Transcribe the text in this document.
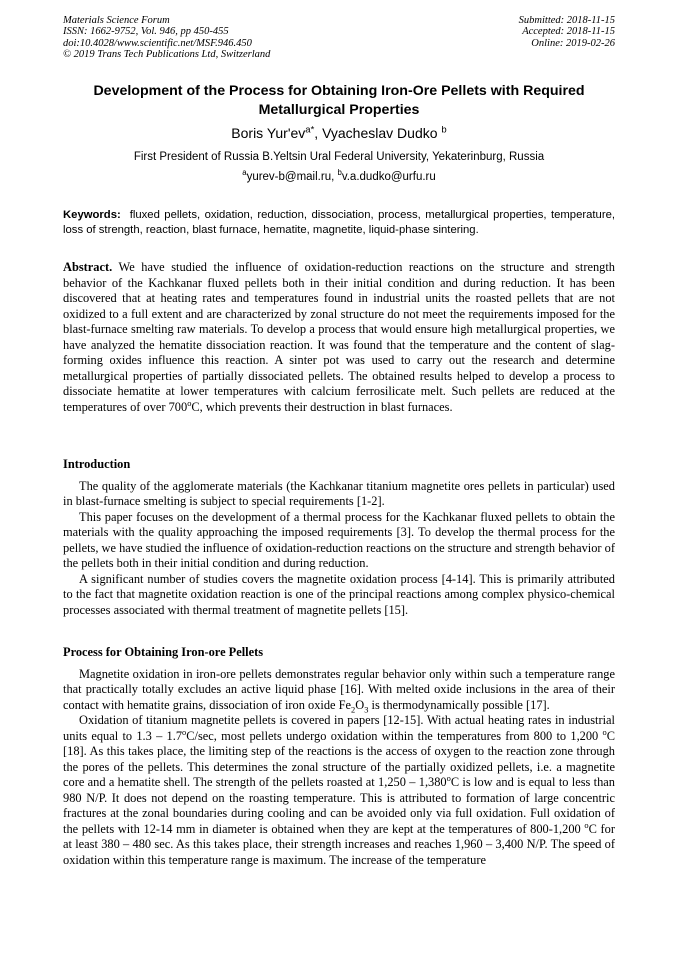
Materials Science Forum
ISSN: 1662-9752, Vol. 946, pp 450-455
doi:10.4028/www.scientific.net/MSF.946.450
© 2019 Trans Tech Publications Ltd, Switzerland
Submitted: 2018-11-15
Accepted: 2018-11-15
Online: 2019-02-26
Development of the Process for Obtaining Iron-Ore Pellets with Required Metallurgical Properties
Boris $Yur'ev^{a*}$, Vyacheslav Dudko $^b$
First President of Russia B.Yeltsin Ural Federal University, Yekaterinburg, Russia
$^a$yurev-b@mail.ru, $^b$v.a.dudko@urfu.ru
Keywords: fluxed pellets, oxidation, reduction, dissociation, process, metallurgical properties, temperature, loss of strength, reaction, blast furnace, hematite, magnetite, liquid-phase sintering.
Abstract. We have studied the influence of oxidation-reduction reactions on the structure and strength behavior of the Kachkanar fluxed pellets both in their initial condition and during reduction. It has been discovered that at heating rates and temperatures found in industrial units the roasted pellets that are not oxidized to a full extent and are characterized by zonal structure do not meet the requirements imposed for the blast-furnace smelting raw materials. To develop a process that would ensure high metallurgical properties, we have analyzed the hematite dissociation reaction. It was found that the temperature and the content of slag-forming oxides influence this reaction. A sinter pot was used to carry out the research and determine metallurgical properties of partially dissociated pellets. The obtained results helped to develop a process to dissociate hematite at lower temperatures with calcium ferrosilicate melt. Such pellets are reduced at the temperatures of over 700$^o$C, which prevents their destruction in blast furnaces.
Introduction

The quality of the agglomerate materials (the Kachkanar titanium magnetite ores pellets in particular) used in blast-furnace smelting is subject to special requirements [1-2].

This paper focuses on the development of a thermal process for the Kachkanar fluxed pellets to obtain the materials with the quality approaching the imposed requirements [3]. To develop the thermal process for the pellets, we have studied the influence of oxidation-reduction reactions on the structure and strength behavior of the pellets both in their initial condition and during reduction.

A significant number of studies covers the magnetite oxidation process [4-14]. This is primarily attributed to the fact that magnetite oxidation reaction is one of the principal reactions among complex physico-chemical processes associated with thermal treatment of magnetite pellets [15].

Process for Obtaining Iron-ore Pellets

Magnetite oxidation in iron-ore pellets demonstrates regular behavior only within such a temperature range that practically totally excludes an active liquid phase [16]. With melted oxide inclusions in the area of their contact with hematite grains, dissociation of iron oxide $Fe_2O_3$ is thermodynamically possible [17].

Oxidation of titanium magnetite pellets is covered in papers [12-15]. With actual heating rates in industrial units equal to 1.3 – 1.7$^o$C/sec, most pellets undergo oxidation within the temperatures from 800 to 1,200 $^o$C [18]. As this takes place, the limiting step of the reactions is the access of oxygen to the reaction zone through the pores of the pellets. This determines the zonal structure of the partially oxidized pellets, i.e. a magnetite core and a hematite shell. The strength of the pellets roasted at 1,250 – 1,380$^o$C is low and is equal to less than 980 N/P. It does not depend on the roasting temperature. This is attributed to formation of large concentric fractures at the zonal boundaries during cooling and can be avoided only via full oxidation. Full oxidation of the pellets with 12-14 mm in diameter is obtained when they are kept at the temperatures of 800-1,200 $^o$C for at least 380 – 480 sec. As this takes place, their strength increases and reaches 1,960 – 3,400 N/P. The speed of oxidation within this temperature range is maximum. The increase of the temperature
